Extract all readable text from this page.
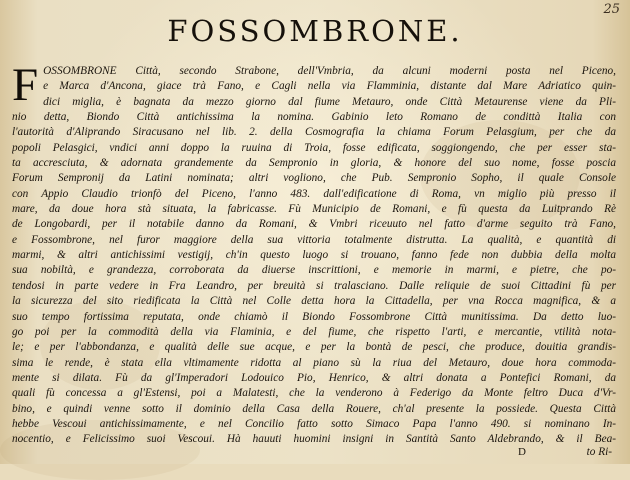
25
FOSSOMBRONE.
F OSSOMBRONE Città, secondo Strabone, dell'Vmbria, da alcuni moderni posta nel Piceno,
e Marca d'Ancona, giace trà Fano, e Cagli nella via Flamminia, distante dal Mare Adriatico quin-
dici miglia, è bagnata da mezzo giorno dal fiume Metauro, onde Città Metaurense viene da Pli-
nio detta, Biondo Città antichissima la nomina. Gabinio leto Romano de condittà Italia con
l'autorità d'Aliprando Siracusano nel lib. 2. della Cosmografia la chiama Forum Pelasgium, per che da
popoli Pelasgici, vndici anni doppo la ruuina di Troia, fosse edificata, soggiongendo, che per esser sta-
ta accresciuta, & adornata grandemente da Sempronio in gloria, & honore del suo nome, fosse poscia
Forum Sempronij da Latini nominata; altri vogliono, che Pub. Sempronio Sopho, il quale Console
con Appio Claudio trionfò del Piceno, l'anno 483. dall'edificatione di Roma, vn miglio più presso il
mare, da doue hora stà situata, la fabricasse. Fù Municipio de Romani, e fù questa da Luitprando Rè
de Longobardi, per il notabile danno da Romani, & Vmbri riceuuto nel fatto d'arme seguito trà Fano,
e Fossombrone, nel furor maggiore della sua vittoria totalmente distrutta. La qualità, e quantità di
marmi, & altri antichissimi vestigij, ch'in questo luogo si trouano, fanno fede non dubbia della molta
sua nobiltà, e grandezza, corroborata da diuerse inscrittioni, e memorie in marmi, e pietre, che po-
tendosi in parte vedere in Fra Leandro, per breuità si tralasciano. Dalle reliquie de suoi Cittadini fù per
la sicurezza del sito riedificata la Città nel Colle detta hora la Cittadella, per vna Rocca magnifica, & a
suo tempo fortissima reputata, onde chiamò il Biondo Fossombrone Città munitissima. Da detto luo-
go poi per la commodità della via Flaminia, e del fiume, che rispetto l'arti, e mercantie, vtilità nota-
le; e per l'abbondanza, e qualità delle sue acque, e per la bontà de pesci, che produce, douitia grandis-
sima le rende, è stata ella vltimamente ridotta al piano sù la riua del Metauro, doue hora commoda-
mente si dilata. Fù da gl'Imperadori Lodouico Pio, Henrico, & altri donata a Pontefici Romani, da
quali fù concessa a gl'Estensi, poi a Malatesti, che la venderono à Federigo da Monte feltro Duca d'Vr-
bino, e quindi venne sotto il dominio della Casa della Rouere, ch'al presente la possiede. Questa Città
hebbe Vescoui antichissimamente, e nel Concilio fatto sotto Simaco Papa l'anno 490. si nominano In-
nocentio, e Felicissimo suoi Vescoui. Hà hauuti huomini insigni in Santità Santo Aldebrando, & il Bea-
D	to Ri-
